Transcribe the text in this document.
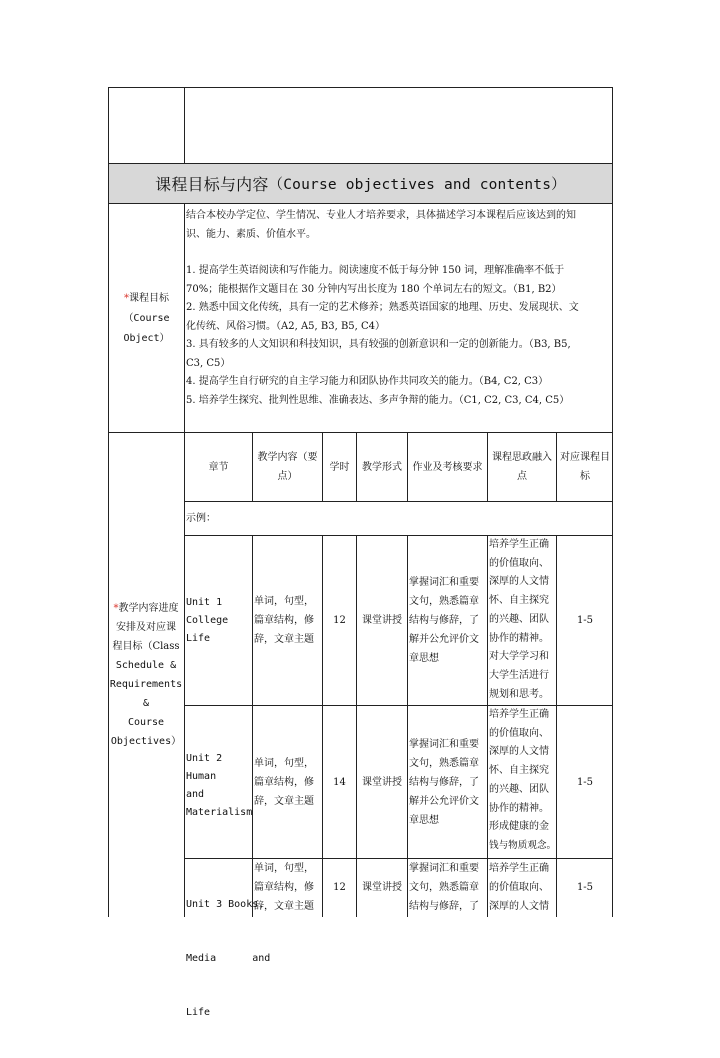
课程目标与内容 （Course objectives and contents）
*课程目标
（Course
Object）
结合本校办学定位、学生情况、专业人才培养要求，具体描述学习本课程后应该达到的知
识、能力、素质、价值水平。
1. 提高学生英语阅读和写作能力。阅读速度不低于每分钟 150 词，理解准确率不低于
70%；能根据作文题目在 30 分钟内写出长度为 180 个单词左右的短文。（B1, B2）
2. 熟悉中国文化传统，具有一定的艺术修养；熟悉英语国家的地理、历史、发展现状、文
化传统、风俗习惯。（A2, A5, B3, B5, C4）
3. 具有较多的人文知识和科技知识，具有较强的创新意识和一定的创新能力。（B3, B5,
C3, C5）
4. 提高学生自行研究的自主学习能力和团队协作共同攻关的能力。（B4, C2, C3）
5. 培养学生探究、批判性思维、准确表达、多声争辩的能力。（C1, C2, C3, C4, C5）
*教学内容进度
安排及对应课
程目标（Class
Schedule &
Requirements &
Course
Objectives）
章节
教学内容（要
点）
学时 教学形式 作业及考核要求
课程思政融入
点
对应课程目
标
示例：
Unit 1
College Life
单词，句型，
篇章结构，修
辞，文章主题
12 课堂讲授
掌握词汇和重要
文句，熟悉篇章
结构与修辞，了
解并公允评价文
章思想
培养学生正确
的价值取向、
深厚的人文情
怀、自主探究
的兴趣、团队
协作的精神。
对大学学习和
大学生活进行
规划和思考。
1-5
Unit 2 Human
and
Materialism
单词，句型，
篇章结构，修
辞，文章主题
14 课堂讲授
掌握词汇和重要
文句，熟悉篇章
结构与修辞，了
解并公允评价文
章思想
培养学生正确
的价值取向、
深厚的人文情
怀、自主探究
的兴趣、团队
协作的精神。
形成健康的金
钱与物质观念。
1-5

Unit 3 Books,

Media      and

Life

单词，句型，
篇章结构，修
辞，文章主题
12 课堂讲授
掌握词汇和重要
文句，熟悉篇章
结构与修辞，了
培养学生正确
的价值取向、
深厚的人文情
1-5
